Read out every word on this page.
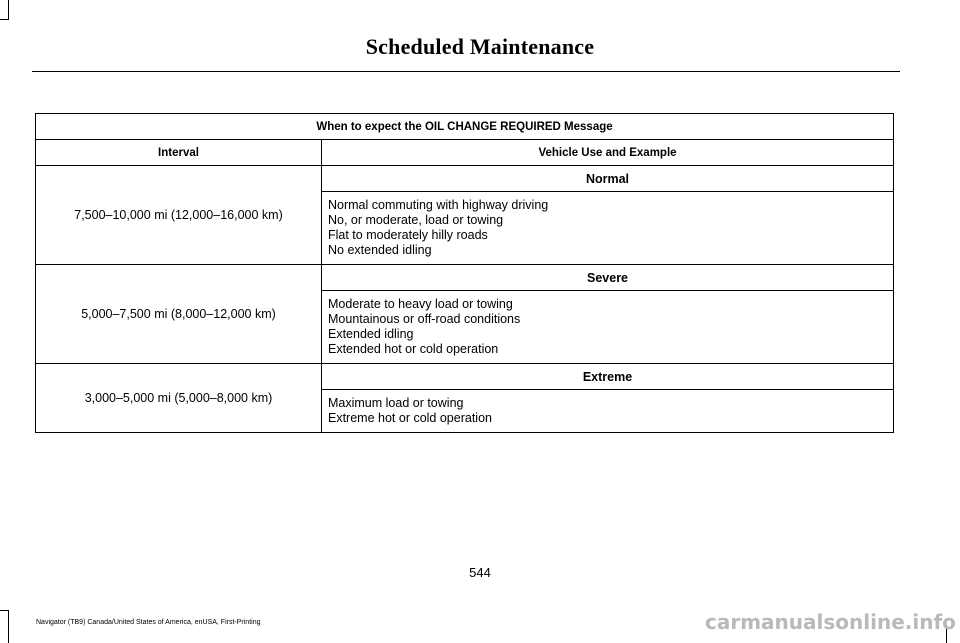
Scheduled Maintenance
When to expect the OIL CHANGE REQUIRED Message	
Interval	Vehicle Use and Example
7,500–10,000 mi (12,000–16,000 km)	Normal

	Normal commuting with highway driving
No, or moderate, load or towing
Flat to moderately hilly roads
No extended idling

5,000–7,500 mi (8,000–12,000 km)	Severe

	Moderate to heavy load or towing
Mountainous or off-road conditions
Extended idling
Extended hot or cold operation

3,000–5,000 mi (5,000–8,000 km)	Extreme

	Maximum load or towing
Extreme hot or cold operation
544
Navigator (TB9) Canada/United States of America, enUSA, First-Printing	carmanualsonline.info
